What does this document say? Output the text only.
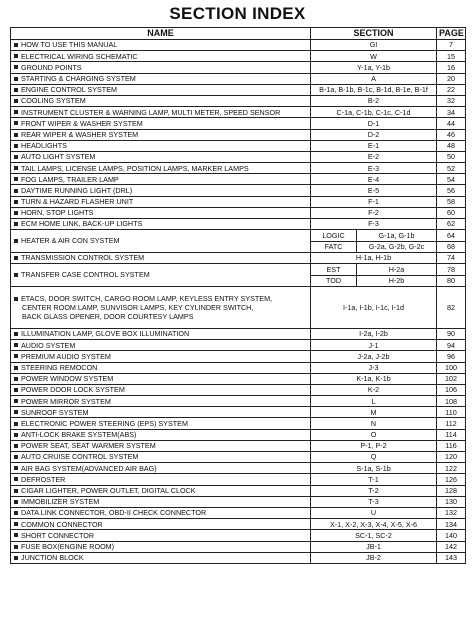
SECTION INDEX
NAME	SECTION		PAGE
HOW TO USE THIS MANUAL	GI		7
ELECTRICAL WIRING SCHEMATIC	W		15
GROUND POINTS	Y-1a, Y-1b		16
STARTING & CHARGING SYSTEM	A		20
ENGINE CONTROL SYSTEM	B-1a, B-1b, B-1c, B-1d, B-1e, B-1f		22
COOLING SYSTEM	B-2		32
INSTRUMENT CLUSTER & WARNING LAMP, MULTI METER, SPEED SENSOR	C-1a, C-1b, C-1c, C-1d		34
FRONT WIPER & WASHER SYSTEM	D-1		44
REAR WIPER & WASHER SYSTEM	D-2		46
HEADLIGHTS	E-1		48
AUTO LIGHT SYSTEM	E-2		50
TAIL LAMPS, LICENSE LAMPS, POSITION LAMPS, MARKER LAMPS	E-3		52
FOG LAMPS, TRAILER LAMP	E-4		54
DAYTIME RUNNING LIGHT (DRL)	E-5		56
TURN & HAZARD FLASHER UNIT	F-1		58
HORN, STOP LIGHTS	F-2		60
ECM HOME LINK, BACK-UP LIGHTS	F-3		62
HEATER & AIR CON SYSTEM	LOGIC	G-1a, G-1b	64
	FATC	G-2a, G-2b, G-2c	68
TRANSMISSION CONTROL SYSTEM	H-1a, H-1b		74
TRANSFER CASE CONTROL SYSTEM	EST	H-2a	78
	TOD	H-2b	80
ETACS, DOOR SWITCH, CARGO ROOM LAMP, KEYLESS ENTRY SYSTEM,
CENTER ROOM LAMP, SUNVISOR LAMPS, KEY CYLINDER SWITCH,
BACK GLASS OPENER, DOOR COURTESY LAMPS	I-1a, I-1b, I-1c, I-1d		82
ILLUMINATION LAMP, GLOVE BOX ILLUMINATION	I-2a, I-2b		90
AUDIO SYSTEM	J-1		94
PREMIUM AUDIO SYSTEM	J-2a, J-2b		96
STEERING REMOCON	J-3		100
POWER WINDOW SYSTEM	K-1a, K-1b		102
POWER DOOR LOCK SYSTEM	K-2		106
POWER MIRROR SYSTEM	L		108
SUNROOF SYSTEM	M		110
ELECTRONIC POWER STEERING (EPS) SYSTEM	N		112
ANTI-LOCK BRAKE SYSTEM(ABS)	O		114
POWER SEAT, SEAT WARMER SYSTEM	P-1, P-2		116
AUTO CRUISE CONTROL SYSTEM	Q		120
AIR BAG SYSTEM(ADVANCED AIR BAG)	S-1a, S-1b		122
DEFROSTER	T-1		126
CIGAR LIGHTER, POWER OUTLET, DIGITAL CLOCK	T-2		128
IMMOBILIZER SYSTEM	T-3		130
DATA LINK CONNECTOR, OBD-II CHECK CONNECTOR	U		132
COMMON CONNECTOR	X-1, X-2, X-3, X-4, X-5, X-6		134
SHORT CONNECTOR	SC-1, SC-2		140
FUSE BOX(ENGINE ROOM)	JB-1		142
JUNCTION BLOCK	JB-2		143
